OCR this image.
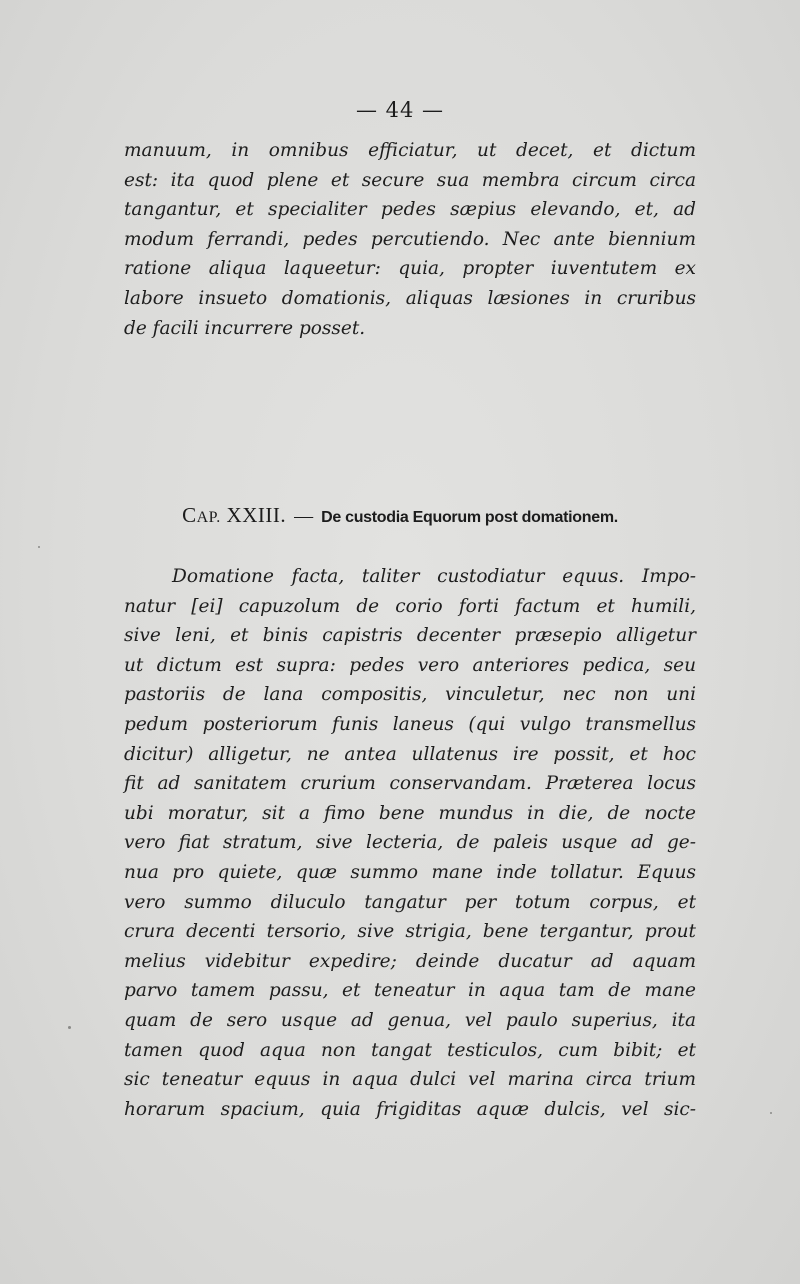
— 44 —
manuum, in omnibus efficiatur, ut decet, et dictum
est: ita quod plene et secure sua membra circum circa
tangantur, et specialiter pedes sæpius elevando, et, ad
modum ferrandi, pedes percutiendo. Nec ante biennium
ratione aliqua laqueetur: quia, propter iuventutem ex
labore insueto domationis, aliquas læsiones in cruribus
de facili incurrere posset.
CAP. XXIII. — De custodia Equorum post domationem.
Domatione facta, taliter custodiatur equus. Impo-
natur [ei] capuzolum de corio forti factum et humili,
sive leni, et binis capistris decenter præsepio alligetur
ut dictum est supra: pedes vero anteriores pedica, seu
pastoriis de lana compositis, vinculetur, nec non uni
pedum posteriorum funis laneus (qui vulgo transmellus
dicitur) alligetur, ne antea ullatenus ire possit, et hoc
fit ad sanitatem crurium conservandam. Præterea locus
ubi moratur, sit a fimo bene mundus in die, de nocte
vero fiat stratum, sive lecteria, de paleis usque ad ge-
nua pro quiete, quæ summo mane inde tollatur. Equus
vero summo diluculo tangatur per totum corpus, et
crura decenti tersorio, sive strigia, bene tergantur, prout
melius videbitur expedire; deinde ducatur ad aquam
parvo tamem passu, et teneatur in aqua tam de mane
quam de sero usque ad genua, vel paulo superius, ita
tamen quod aqua non tangat testiculos, cum bibit; et
sic teneatur equus in aqua dulci vel marina circa trium
horarum spacium, quia frigiditas aquæ dulcis, vel sic-
